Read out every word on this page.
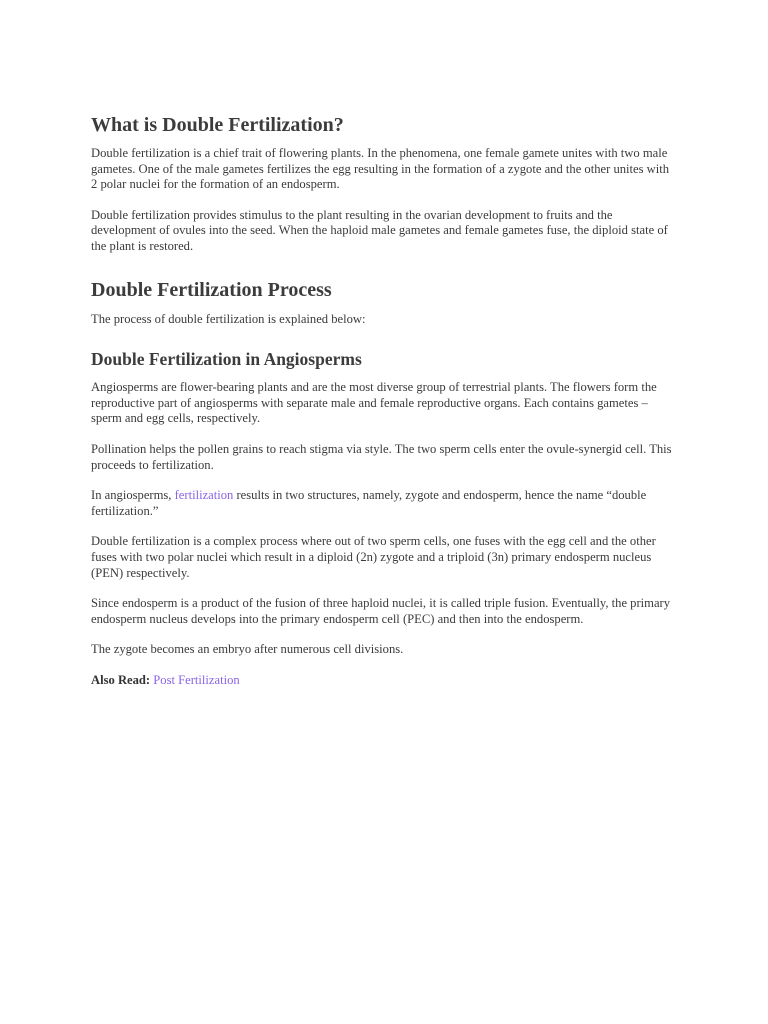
What is Double Fertilization?

Double fertilization is a chief trait of flowering plants. In the phenomena, one female gamete unites with two male gametes. One of the male gametes fertilizes the egg resulting in the formation of a zygote and the other unites with 2 polar nuclei for the formation of an endosperm.

Double fertilization provides stimulus to the plant resulting in the ovarian development to fruits and the development of ovules into the seed. When the haploid male gametes and female gametes fuse, the diploid state of the plant is restored.

Double Fertilization Process

The process of double fertilization is explained below:

Double Fertilization in Angiosperms

Angiosperms are flower-bearing plants and are the most diverse group of terrestrial plants. The flowers form the reproductive part of angiosperms with separate male and female reproductive organs. Each contains gametes – sperm and egg cells, respectively.

Pollination helps the pollen grains to reach stigma via style. The two sperm cells enter the ovule-synergid cell. This proceeds to fertilization.

In angiosperms, fertilization results in two structures, namely, zygote and endosperm, hence the name “double fertilization.”

Double fertilization is a complex process where out of two sperm cells, one fuses with the egg cell and the other fuses with two polar nuclei which result in a diploid (2n) zygote and a triploid (3n) primary endosperm nucleus (PEN) respectively.

Since endosperm is a product of the fusion of three haploid nuclei, it is called triple fusion. Eventually, the primary endosperm nucleus develops into the primary endosperm cell (PEC) and then into the endosperm.

The zygote becomes an embryo after numerous cell divisions.

Also Read: Post Fertilization
